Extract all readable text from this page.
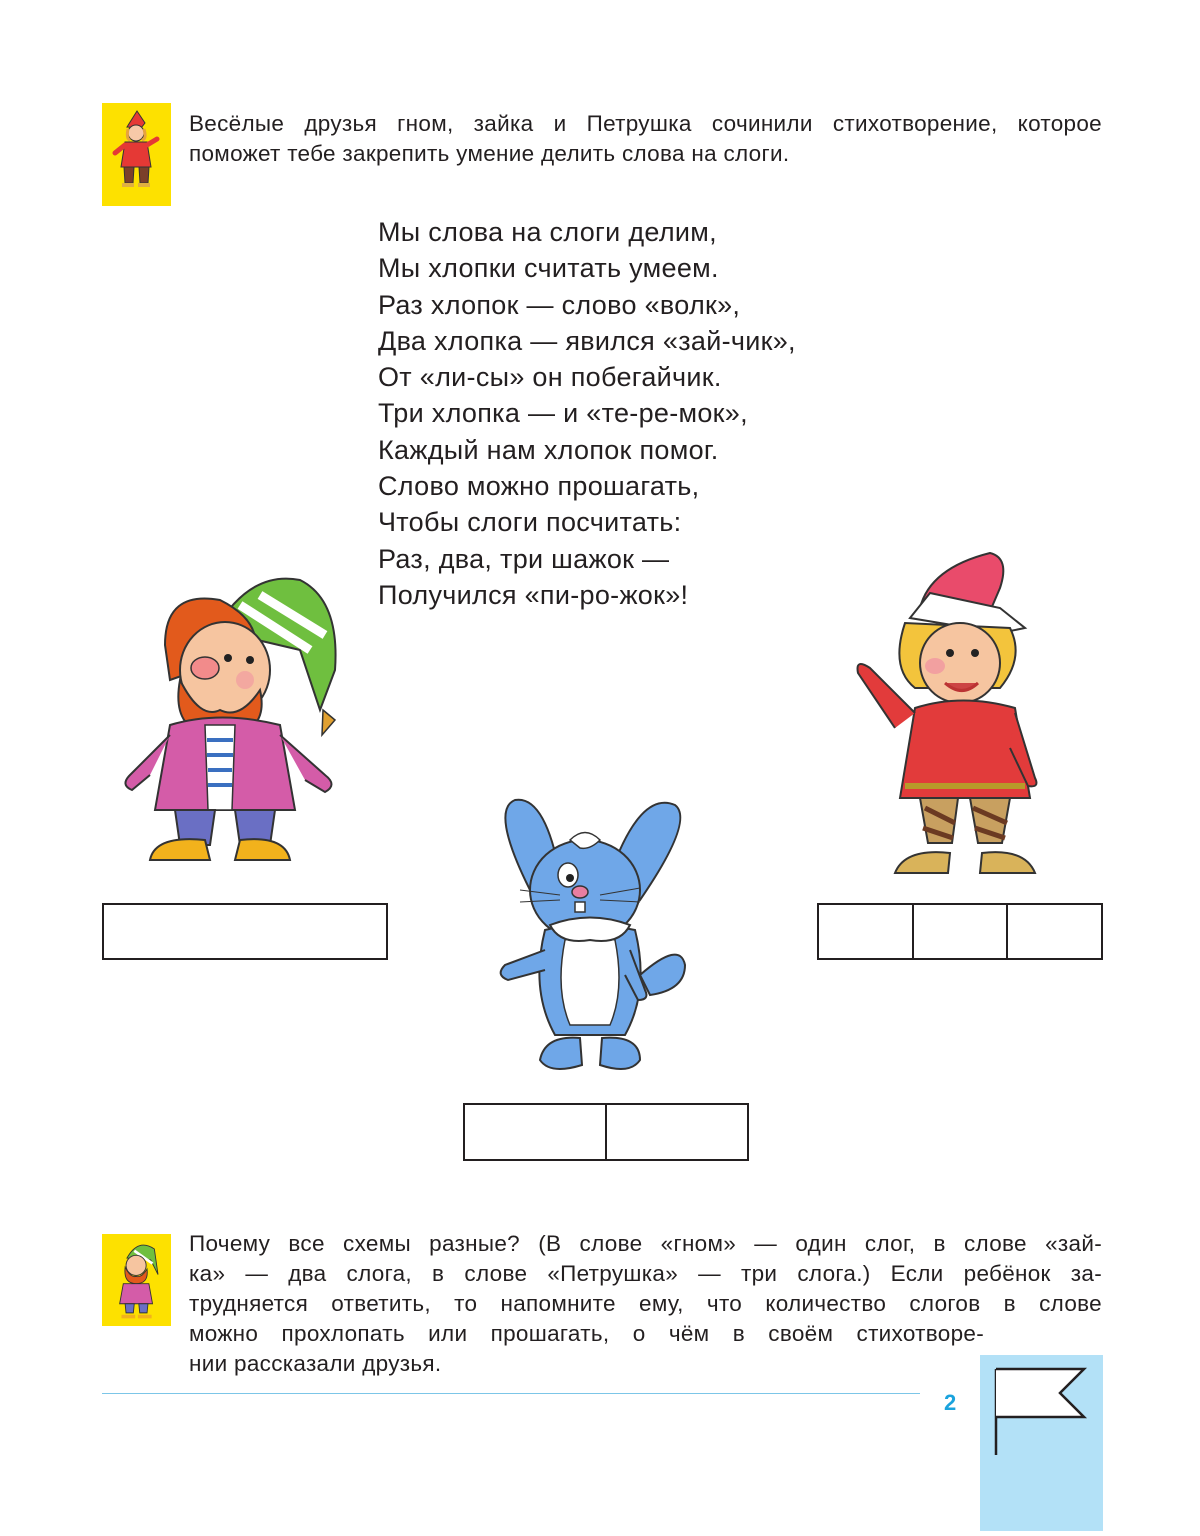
Весёлые друзья гном, зайка и Петрушка сочинили стихотворение, которое
поможет тебе закрепить умение делить слова на слоги.
Мы слова на слоги делим,
Мы хлопки считать умеем.
Раз хлопок — слово «волк»,
Два хлопка — явился «зай-чик»,
От «ли-сы» он побегайчик.
Три хлопка — и «те-ре-мок»,
Каждый нам хлопок помог.
Слово можно прошагать,
Чтобы слоги посчитать:
Раз, два, три шажок —
Получился «пи-ро-жок»!
Почему все схемы разные? (В слове «гном» — один слог, в слове «зай-
ка» — два слога, в слове «Петрушка» — три слога.) Если ребёнок за-
трудняется ответить, то напомните ему, что количество слогов в слове
можно прохлопать или прошагать, о чём в своём стихотворе-
нии рассказали друзья.
2
